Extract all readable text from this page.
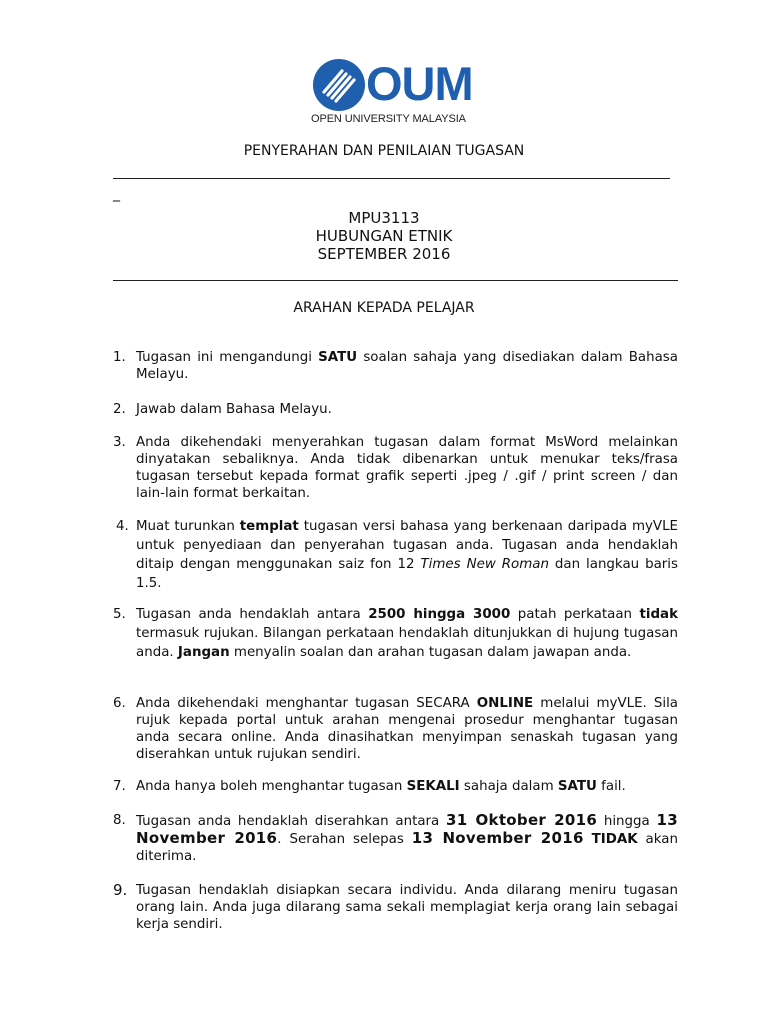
OUM
OPEN UNIVERSITY MALAYSIA
PENYERAHAN DAN PENILAIAN TUGASAN
_
MPU3113
HUBUNGAN ETNIK
SEPTEMBER 2016
ARAHAN KEPADA PELAJAR
1. Tugasan ini mengandungi SATU soalan sahaja yang disediakan dalam Bahasa Melayu.
2. Jawab dalam Bahasa Melayu.
3. Anda dikehendaki menyerahkan tugasan dalam format MsWord melainkan dinyatakan sebaliknya. Anda tidak dibenarkan untuk menukar teks/frasa tugasan tersebut kepada format grafik seperti .jpeg / .gif / print screen / dan lain-lain format berkaitan.
4. Muat turunkan templat tugasan versi bahasa yang berkenaan daripada myVLE untuk penyediaan dan penyerahan tugasan anda. Tugasan anda hendaklah ditaip dengan menggunakan saiz fon 12 Times New Roman dan langkau baris 1.5.
5. Tugasan anda hendaklah antara 2500 hingga 3000 patah perkataan tidak termasuk rujukan. Bilangan perkataan hendaklah ditunjukkan di hujung tugasan anda. Jangan menyalin soalan dan arahan tugasan dalam jawapan anda.
6. Anda dikehendaki menghantar tugasan SECARA ONLINE melalui myVLE. Sila rujuk kepada portal untuk arahan mengenai prosedur menghantar tugasan anda secara online. Anda dinasihatkan menyimpan senaskah tugasan yang diserahkan untuk rujukan sendiri.
7. Anda hanya boleh menghantar tugasan SEKALI sahaja dalam SATU fail.
8. Tugasan anda hendaklah diserahkan antara 31 Oktober 2016 hingga 13 November 2016. Serahan selepas 13 November 2016 TIDAK akan diterima.
9. Tugasan hendaklah disiapkan secara individu. Anda dilarang meniru tugasan orang lain. Anda juga dilarang sama sekali memplagiat kerja orang lain sebagai kerja sendiri.
